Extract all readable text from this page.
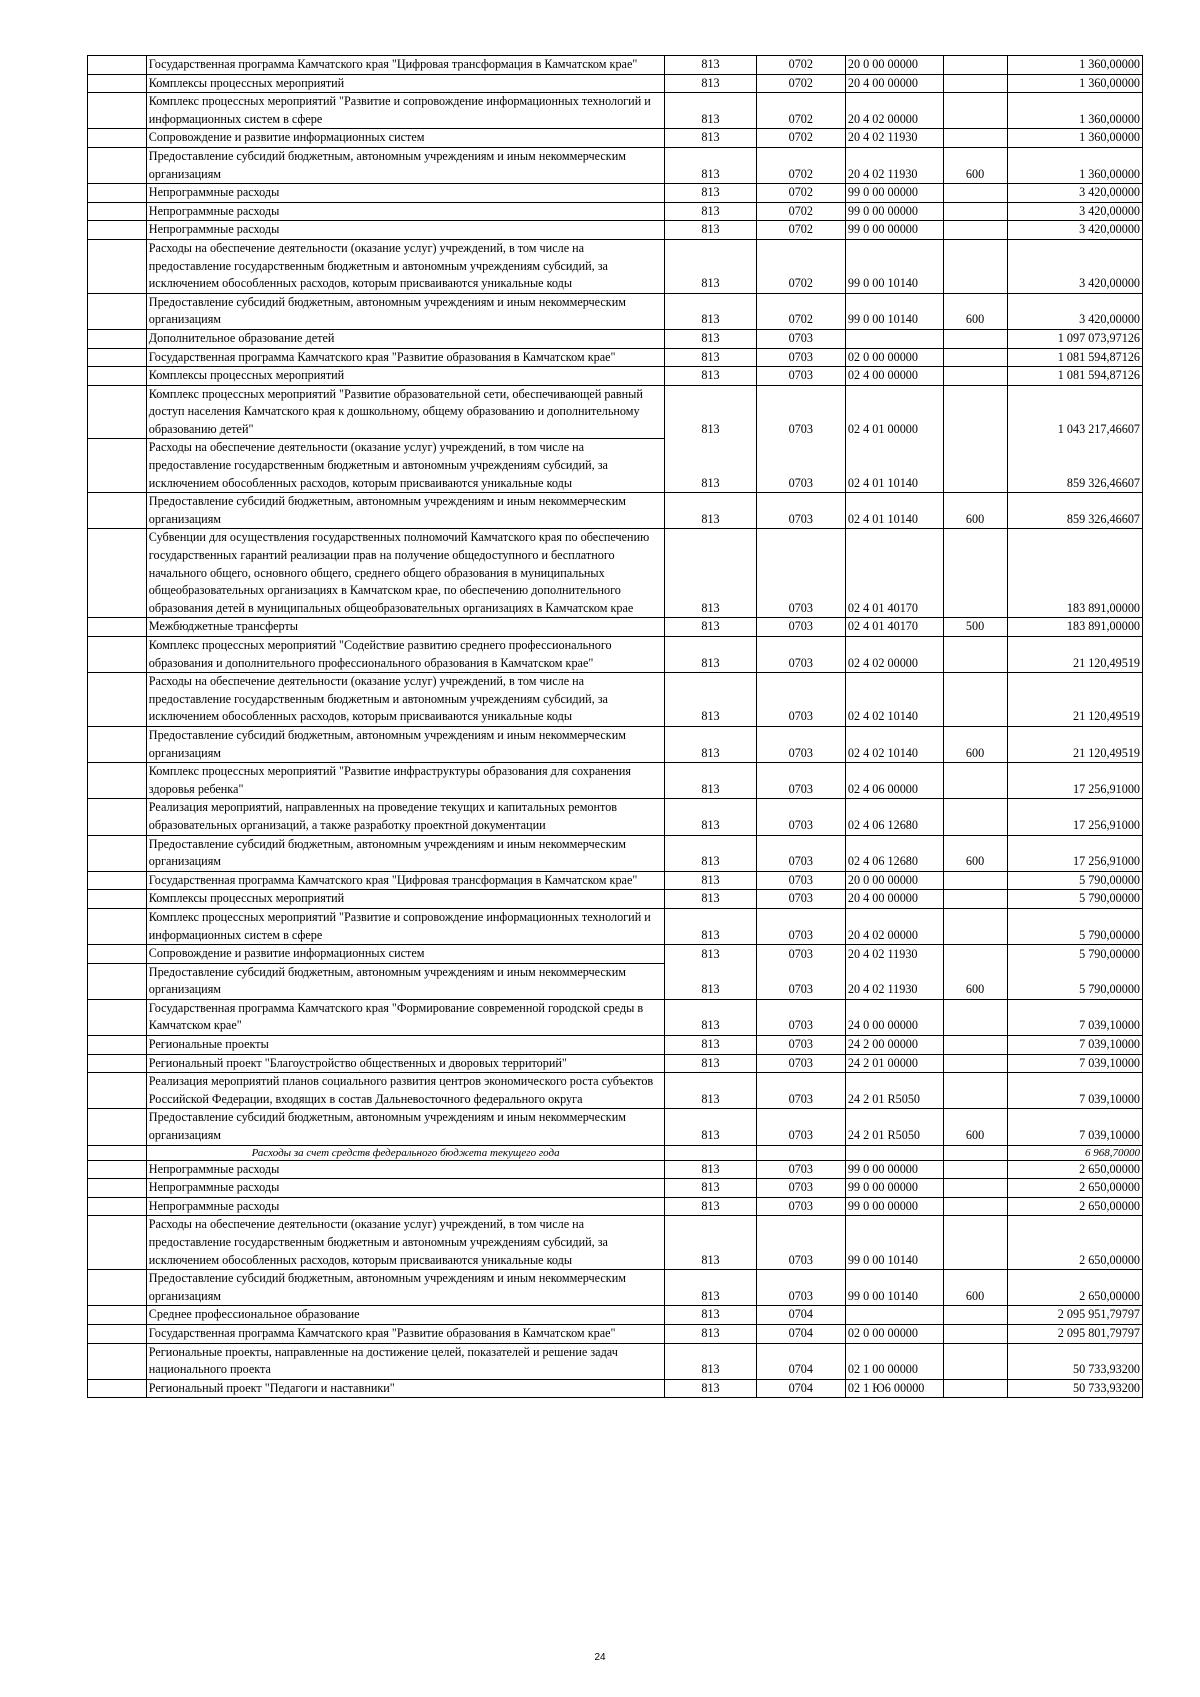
	Государственная программа Камчатского края "Цифровая трансформация в Камчатском крае"	813	0702	20 0 00 00000		1 360,00000
	Комплексы процессных мероприятий	813	0702	20 4 00 00000		1 360,00000
	Комплекс процессных мероприятий "Развитие и сопровождение информационных технологий и информационных систем в сфере	813	0702	20 4 02 00000		1 360,00000
	Сопровождение и развитие информационных систем	813	0702	20 4 02 11930		1 360,00000
	Предоставление субсидий бюджетным, автономным учреждениям и иным некоммерческим организациям	813	0702	20 4 02 11930	600	1 360,00000
	Непрограммные расходы	813	0702	99 0 00 00000		3 420,00000
	Непрограммные расходы	813	0702	99 0 00 00000		3 420,00000
	Непрограммные расходы	813	0702	99 0 00 00000		3 420,00000
	Расходы на обеспечение деятельности (оказание услуг) учреждений, в том числе на предоставление государственным бюджетным и автономным учреждениям субсидий, за исключением обособленных расходов, которым присваиваются уникальные коды	813	0702	99 0 00 10140		3 420,00000
	Предоставление субсидий бюджетным, автономным учреждениям и иным некоммерческим организациям	813	0702	99 0 00 10140	600	3 420,00000
	Дополнительное образование детей	813	0703			1 097 073,97126
	Государственная программа Камчатского края "Развитие образования в Камчатском крае"	813	0703	02 0 00 00000		1 081 594,87126
	Комплексы процессных мероприятий	813	0703	02 4 00 00000		1 081 594,87126
	Комплекс процессных мероприятий "Развитие образовательной сети, обеспечивающей равный доступ населения Камчатского края к дошкольному, общему образованию и дополнительному образованию детей"	813	0703	02 4 01 00000		1 043 217,46607
	Расходы на обеспечение деятельности (оказание услуг) учреждений, в том числе на предоставление государственным бюджетным и автономным учреждениям субсидий, за исключением обособленных расходов, которым присваиваются уникальные коды	813	0703	02 4 01 10140		859 326,46607
	Предоставление субсидий бюджетным, автономным учреждениям и иным некоммерческим организациям	813	0703	02 4 01 10140	600	859 326,46607
	Субвенции для осуществления государственных полномочий Камчатского края по обеспечению государственных гарантий реализации прав на получение общедоступного и бесплатного начального общего, основного общего, среднего общего образования в муниципальных общеобразовательных организациях в Камчатском крае, по обеспечению дополнительного образования детей в муниципальных общеобразовательных организациях в Камчатском крае	813	0703	02 4 01 40170		183 891,00000
	Межбюджетные трансферты	813	0703	02 4 01 40170	500	183 891,00000
	Комплекс процессных мероприятий "Содействие развитию среднего профессионального образования и дополнительного профессионального образования в Камчатском крае"	813	0703	02 4 02 00000		21 120,49519
	Расходы на обеспечение деятельности (оказание услуг) учреждений, в том числе на предоставление государственным бюджетным и автономным учреждениям субсидий, за исключением обособленных расходов, которым присваиваются уникальные коды	813	0703	02 4 02 10140		21 120,49519
	Предоставление субсидий бюджетным, автономным учреждениям и иным некоммерческим организациям	813	0703	02 4 02 10140	600	21 120,49519
	Комплекс процессных мероприятий "Развитие инфраструктуры образования для сохранения здоровья ребенка"	813	0703	02 4 06 00000		17 256,91000
	Реализация мероприятий, направленных на проведение текущих и капитальных ремонтов образовательных организаций, а также разработку проектной документации	813	0703	02 4 06 12680		17 256,91000
	Предоставление субсидий бюджетным, автономным учреждениям и иным некоммерческим организациям	813	0703	02 4 06 12680	600	17 256,91000
	Государственная программа Камчатского края "Цифровая трансформация в Камчатском крае"	813	0703	20 0 00 00000		5 790,00000
	Комплексы процессных мероприятий	813	0703	20 4 00 00000		5 790,00000
	Комплекс процессных мероприятий "Развитие и сопровождение информационных технологий и информационных систем в сфере	813	0703	20 4 02 00000		5 790,00000
	Сопровождение и развитие информационных систем	813	0703	20 4 02 11930		5 790,00000
	Предоставление субсидий бюджетным, автономным учреждениям и иным некоммерческим организациям	813	0703	20 4 02 11930	600	5 790,00000
	Государственная программа Камчатского края "Формирование современной городской среды в Камчатском крае"	813	0703	24 0 00 00000		7 039,10000
	Региональные проекты	813	0703	24 2 00 00000		7 039,10000
	Региональный проект "Благоустройство общественных и дворовых территорий"	813	0703	24 2 01 00000		7 039,10000
	Реализация мероприятий планов социального развития центров экономического роста субъектов Российской Федерации, входящих в состав Дальневосточного федерального округа	813	0703	24 2 01 R5050		7 039,10000
	Предоставление субсидий бюджетным, автономным учреждениям и иным некоммерческим организациям	813	0703	24 2 01 R5050	600	7 039,10000
	Расходы за счет средств федерального бюджета текущего года					6 968,70000
	Непрограммные расходы	813	0703	99 0 00 00000		2 650,00000
	Непрограммные расходы	813	0703	99 0 00 00000		2 650,00000
	Непрограммные расходы	813	0703	99 0 00 00000		2 650,00000
	Расходы на обеспечение деятельности (оказание услуг) учреждений, в том числе на предоставление государственным бюджетным и автономным учреждениям субсидий, за исключением обособленных расходов, которым присваиваются уникальные коды	813	0703	99 0 00 10140		2 650,00000
	Предоставление субсидий бюджетным, автономным учреждениям и иным некоммерческим организациям	813	0703	99 0 00 10140	600	2 650,00000
	Среднее профессиональное образование	813	0704			2 095 951,79797
	Государственная программа Камчатского края "Развитие образования в Камчатском крае"	813	0704	02 0 00 00000		2 095 801,79797
	Региональные проекты, направленные на достижение целей, показателей и решение задач национального проекта	813	0704	02 1 00 00000		50 733,93200
	Региональный проект "Педагоги и наставники"	813	0704	02 1 Ю6 00000		50 733,93200
24
